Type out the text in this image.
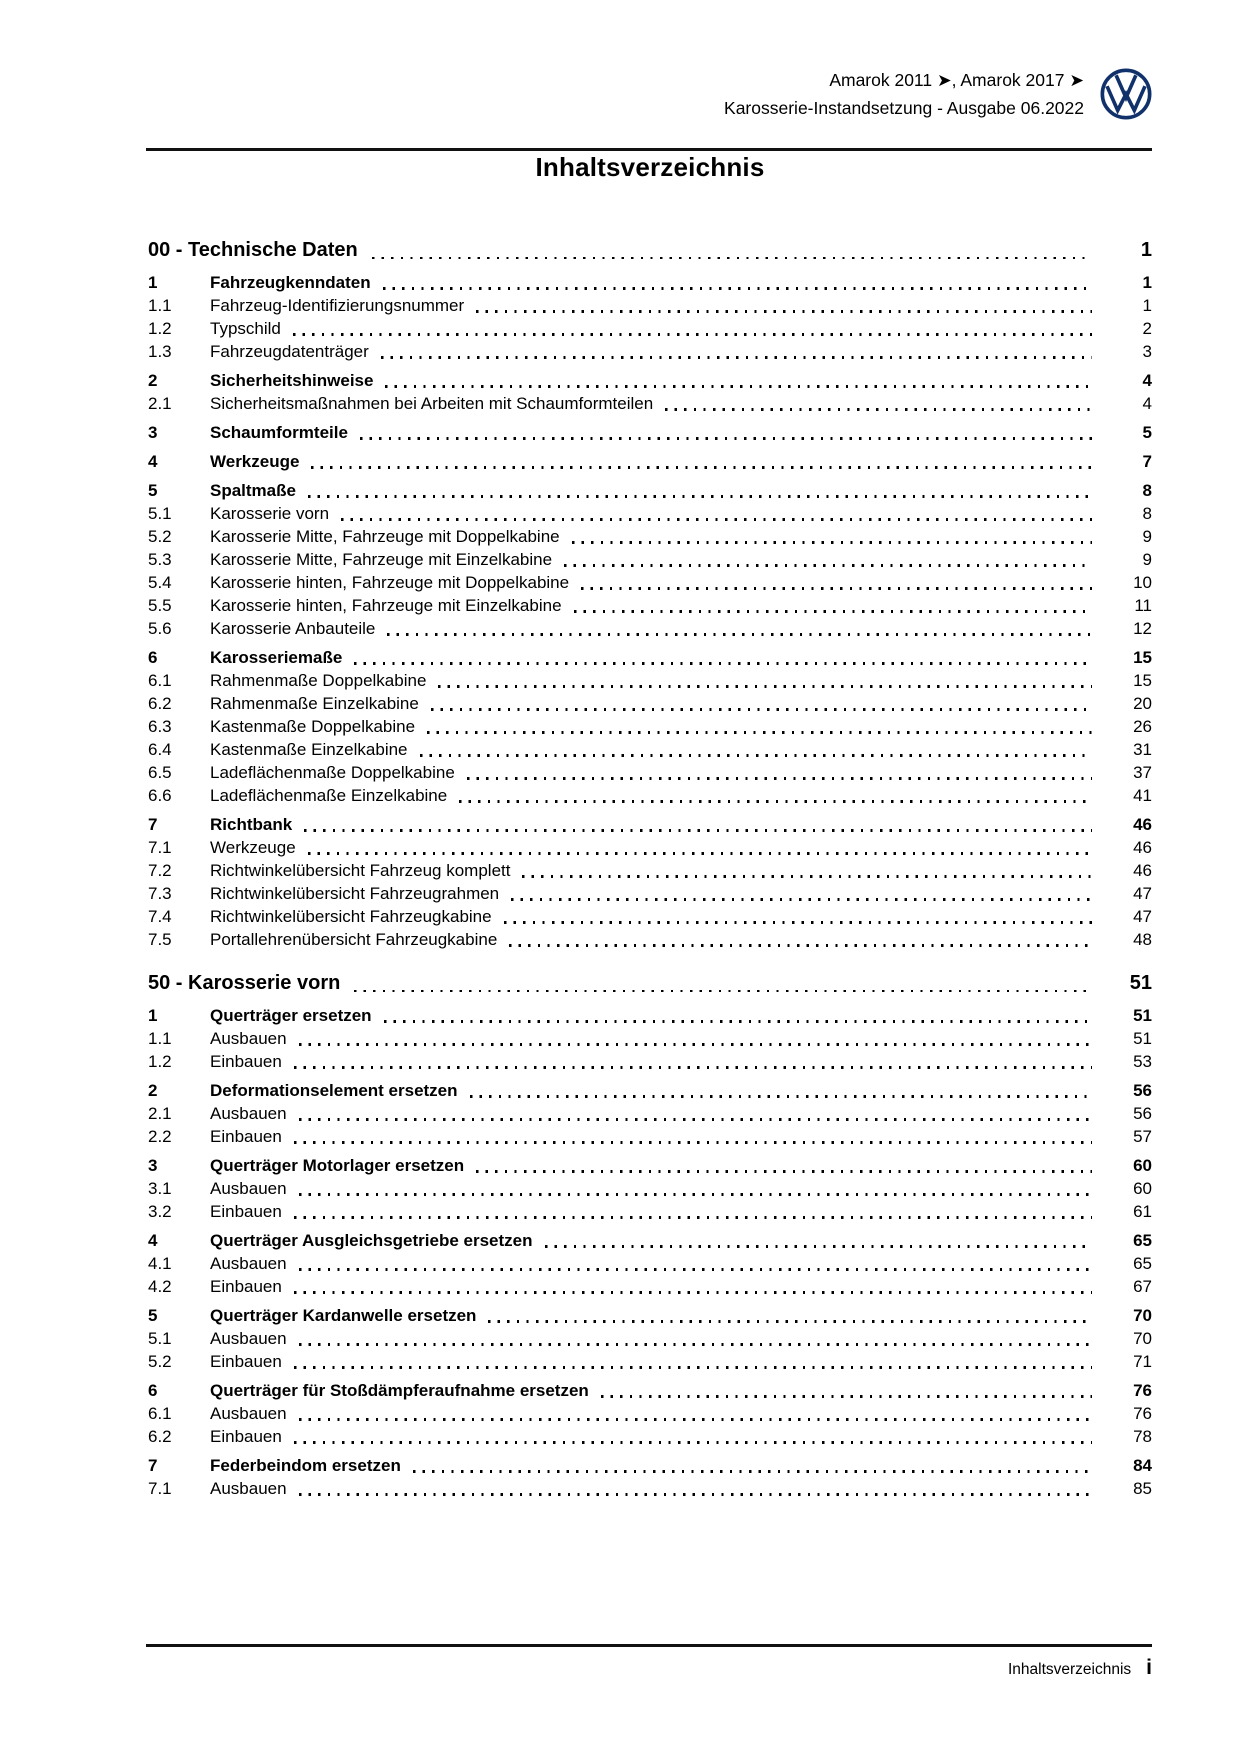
Amarok 2011 ➤, Amarok 2017 ➤
Karosserie-Instandsetzung - Ausgabe 06.2022
Inhaltsverzeichnis
00 - Technische Daten	1
1	Fahrzeugkenndaten	1
1.1	Fahrzeug-Identifizierungsnummer	1
1.2	Typschild	2
1.3	Fahrzeugdatenträger	3
2	Sicherheitshinweise	4
2.1	Sicherheitsmaßnahmen bei Arbeiten mit Schaumformteilen	4
3	Schaumformteile	5
4	Werkzeuge	7
5	Spaltmaße	8
5.1	Karosserie vorn	8
5.2	Karosserie Mitte, Fahrzeuge mit Doppelkabine	9
5.3	Karosserie Mitte, Fahrzeuge mit Einzelkabine	9
5.4	Karosserie hinten, Fahrzeuge mit Doppelkabine	10
5.5	Karosserie hinten, Fahrzeuge mit Einzelkabine	11
5.6	Karosserie Anbauteile	12
6	Karosseriemaße	15
6.1	Rahmenmaße Doppelkabine	15
6.2	Rahmenmaße Einzelkabine	20
6.3	Kastenmaße Doppelkabine	26
6.4	Kastenmaße Einzelkabine	31
6.5	Ladeflächenmaße Doppelkabine	37
6.6	Ladeflächenmaße Einzelkabine	41
7	Richtbank	46
7.1	Werkzeuge	46
7.2	Richtwinkelübersicht Fahrzeug komplett	46
7.3	Richtwinkelübersicht Fahrzeugrahmen	47
7.4	Richtwinkelübersicht Fahrzeugkabine	47
7.5	Portallehrenübersicht Fahrzeugkabine	48
50 - Karosserie vorn	51
1	Querträger ersetzen	51
1.1	Ausbauen	51
1.2	Einbauen	53
2	Deformationselement ersetzen	56
2.1	Ausbauen	56
2.2	Einbauen	57
3	Querträger Motorlager ersetzen	60
3.1	Ausbauen	60
3.2	Einbauen	61
4	Querträger Ausgleichsgetriebe ersetzen	65
4.1	Ausbauen	65
4.2	Einbauen	67
5	Querträger Kardanwelle ersetzen	70
5.1	Ausbauen	70
5.2	Einbauen	71
6	Querträger für Stoßdämpferaufnahme ersetzen	76
6.1	Ausbauen	76
6.2	Einbauen	78
7	Federbeindom ersetzen	84
7.1	Ausbauen	85
Inhaltsverzeichnis i
